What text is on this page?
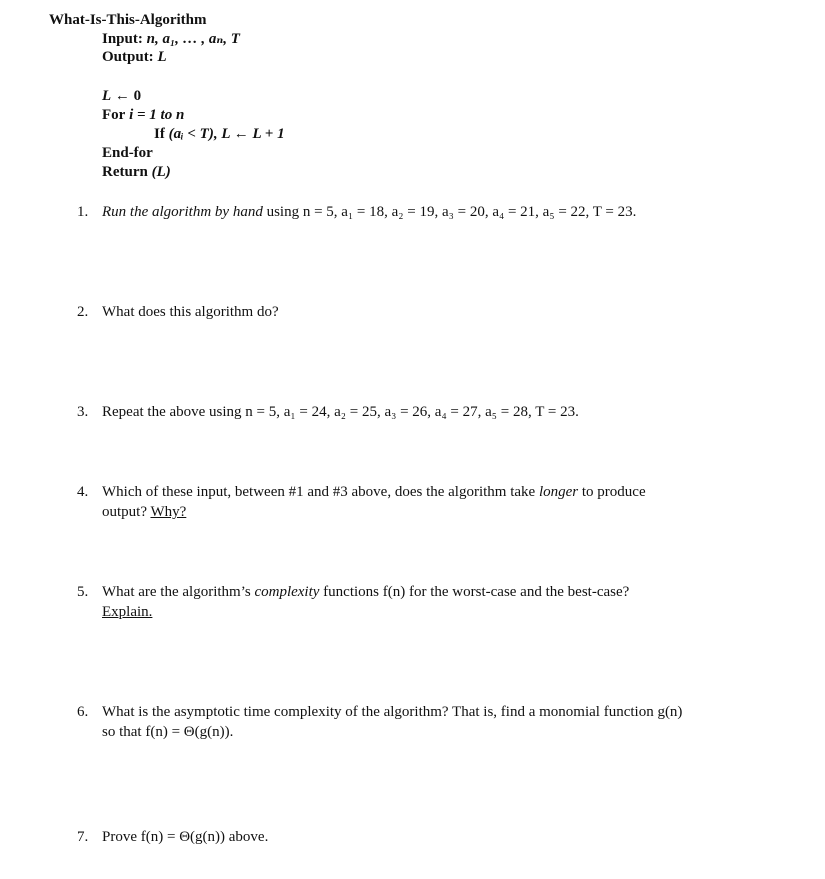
What-Is-This-Algorithm
Input: n, a₁, … , aₙ, T
Output: L
L ← 0
For i = 1 to n
If (aᵢ < T), L ← L + 1
End-for
Return (L)
1. Run the algorithm by hand using n = 5, a₁ = 18, a₂ = 19, a₃ = 20, a₄ = 21, a₅ = 22, T = 23.
2. What does this algorithm do?
3. Repeat the above using n = 5, a₁ = 24, a₂ = 25, a₃ = 26, a₄ = 27, a₅ = 28, T = 23.
4. Which of these input, between #1 and #3 above, does the algorithm take longer to produce
output? Why?
5. What are the algorithm’s complexity functions f(n) for the worst-case and the best-case?
Explain.
6. What is the asymptotic time complexity of the algorithm? That is, find a monomial function g(n)
so that f(n) = Θ(g(n)).
7. Prove f(n) = Θ(g(n)) above.
